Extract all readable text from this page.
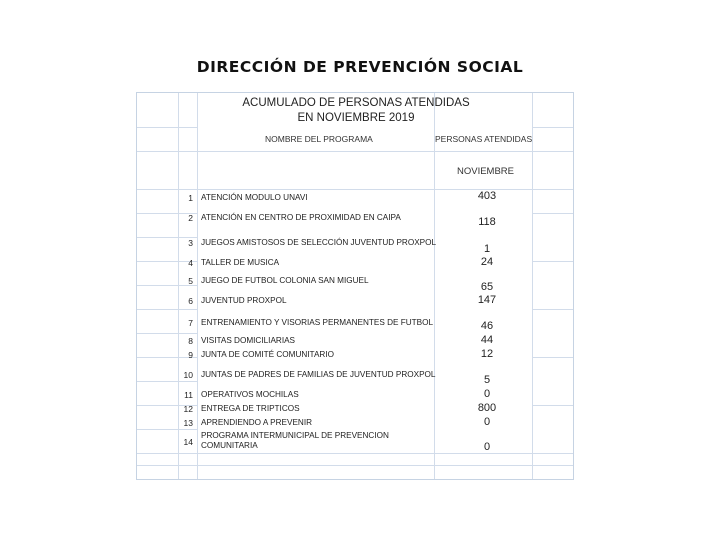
DIRECCIÓN DE PREVENCIÓN SOCIAL
ACUMULADO DE PERSONAS ATENDIDAS
EN NOVIEMBRE 2019
NOMBRE DEL PROGRAMA	PERSONAS ATENDIDAS
NOVIEMBRE
1 ATENCIÓN MODULO UNAVI
2 ATENCIÓN EN CENTRO DE PROXIMIDAD EN CAIPA
3 JUEGOS AMISTOSOS DE SELECCIÓN JUVENTUD PROXPOL
4 TALLER DE MUSICA
5 JUEGO DE FUTBOL COLONIA SAN MIGUEL
6 JUVENTUD PROXPOL
7 ENTRENAMIENTO Y VISORIAS PERMANENTES DE FUTBOL
8 VISITAS DOMICILIARIAS
9 JUNTA DE COMITÉ COMUNITARIO
10 JUNTAS DE PADRES DE FAMILIAS DE JUVENTUD PROXPOL
11 OPERATIVOS MOCHILAS
12 ENTREGA DE TRIPTICOS
13 APRENDIENDO A PREVENIR
14
PROGRAMA INTERMUNICIPAL DE PREVENCION COMUNITARIA
403
118
1
24
65
147
46
44
12
5
0
800
0
0
